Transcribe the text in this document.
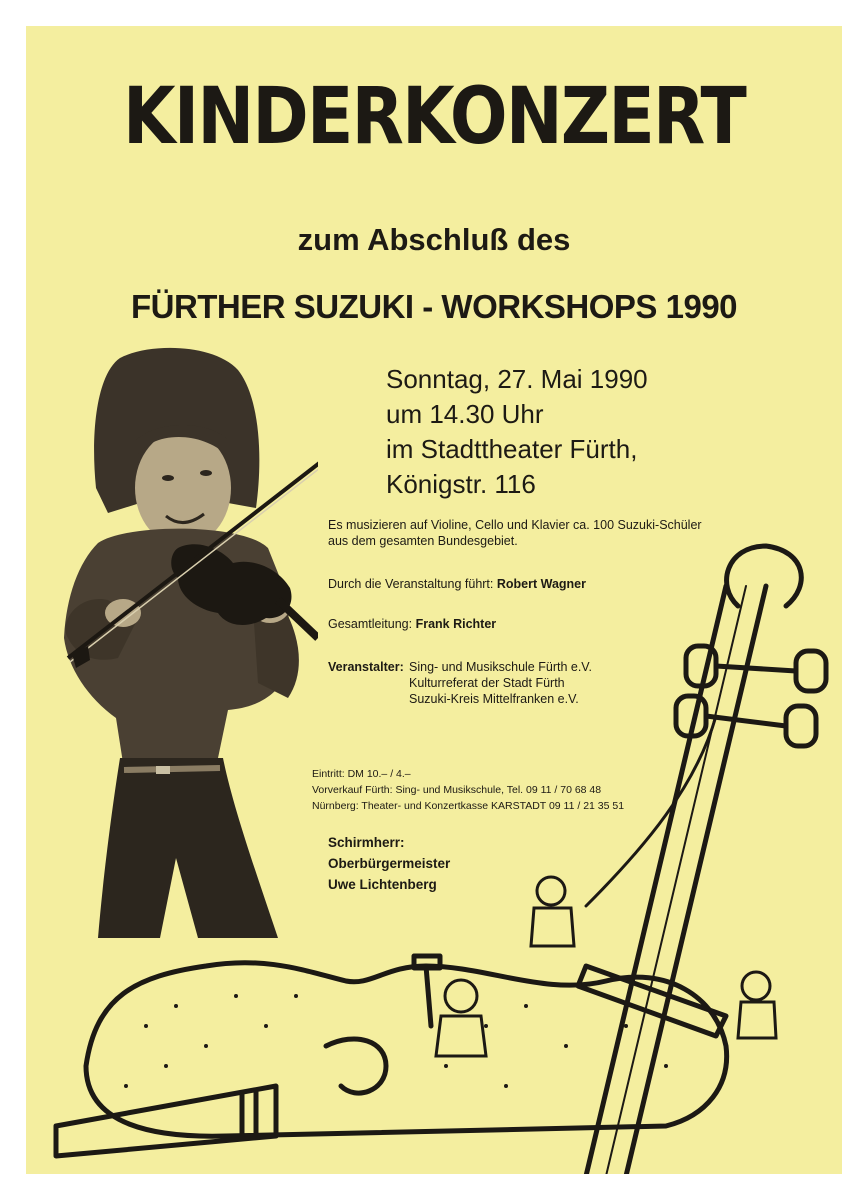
KINDERKONZERT
zum Abschluß des
FÜRTHER SUZUKI - WORKSHOPS 1990
Sonntag, 27. Mai 1990
um 14.30 Uhr
im Stadttheater Fürth,
Königstr. 116
Es musizieren auf Violine, Cello und Klavier ca. 100 Suzuki-Schüler
aus dem gesamten Bundesgebiet.
Durch die Veranstaltung führt: Robert Wagner
Gesamtleitung: Frank Richter
Veranstalter: Sing- und Musikschule Fürth e.V.
Kulturreferat der Stadt Fürth
Suzuki-Kreis Mittelfranken e.V.
Eintritt: DM 10.– / 4.–
Vorverkauf Fürth: Sing- und Musikschule, Tel. 09 11 / 70 68 48
Nürnberg: Theater- und Konzertkasse KARSTADT 09 11 / 21 35 51
Schirmherr:
Oberbürgermeister
Uwe Lichtenberg
